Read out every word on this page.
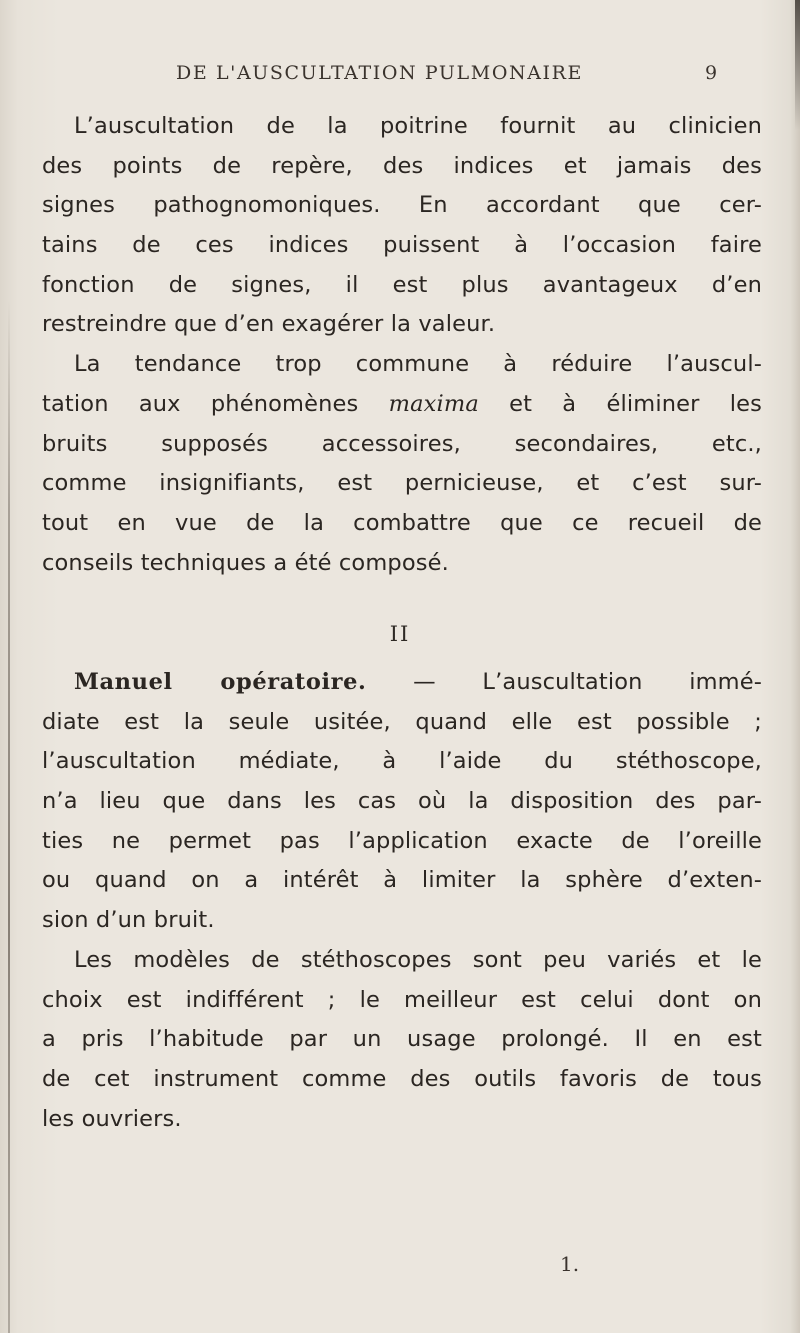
DE L'AUSCULTATION PULMONAIRE	9
L’auscultation de la poitrine fournit au clinicien
des points de repère, des indices et jamais des
signes pathognomoniques. En accordant que cer-
tains de ces indices puissent à l’occasion faire
fonction de signes, il est plus avantageux d’en
restreindre que d’en exagérer la valeur.
La tendance trop commune à réduire l’auscul-
tation aux phénomènes maxima et à éliminer les
bruits supposés accessoires, secondaires, etc.,
comme insignifiants, est pernicieuse, et c’est sur-
tout en vue de la combattre que ce recueil de
conseils techniques a été composé.
II
Manuel opératoire. — L’auscultation immé-
diate est la seule usitée, quand elle est possible ;
l’auscultation médiate, à l’aide du stéthoscope,
n’a lieu que dans les cas où la disposition des par-
ties ne permet pas l’application exacte de l’oreille
ou quand on a intérêt à limiter la sphère d’exten-
sion d’un bruit.
Les modèles de stéthoscopes sont peu variés et le
choix est indifférent ; le meilleur est celui dont on
a pris l’habitude par un usage prolongé. Il en est
de cet instrument comme des outils favoris de tous
les ouvriers.
1.
